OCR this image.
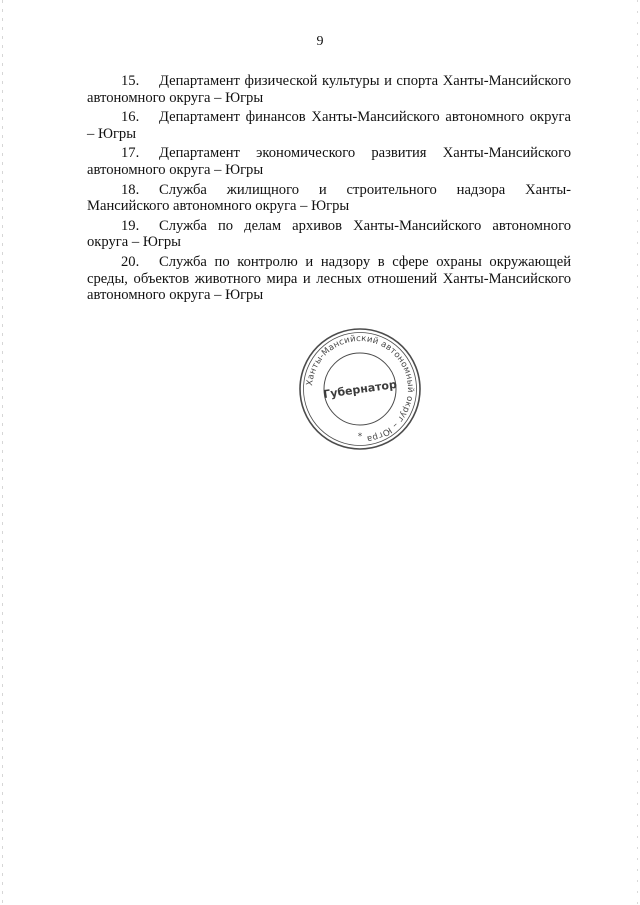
9

15. Департамент физической культуры и спорта Ханты-Мансийского автономного округа – Югры

16. Департамент финансов Ханты-Мансийского автономного округа – Югры

17. Департамент экономического развития Ханты-Мансийского автономного округа – Югры

18. Служба жилищного и строительного надзора Ханты-Мансийского автономного округа – Югры

19. Служба по делам архивов Ханты-Мансийского автономного округа – Югры

20. Служба по контролю и надзору в сфере охраны окружающей среды, объектов животного мира и лесных отношений Ханты-Мансийского автономного округа – Югры

Ханты-Мансийский автономный округ – Югра
Губернатор
*
